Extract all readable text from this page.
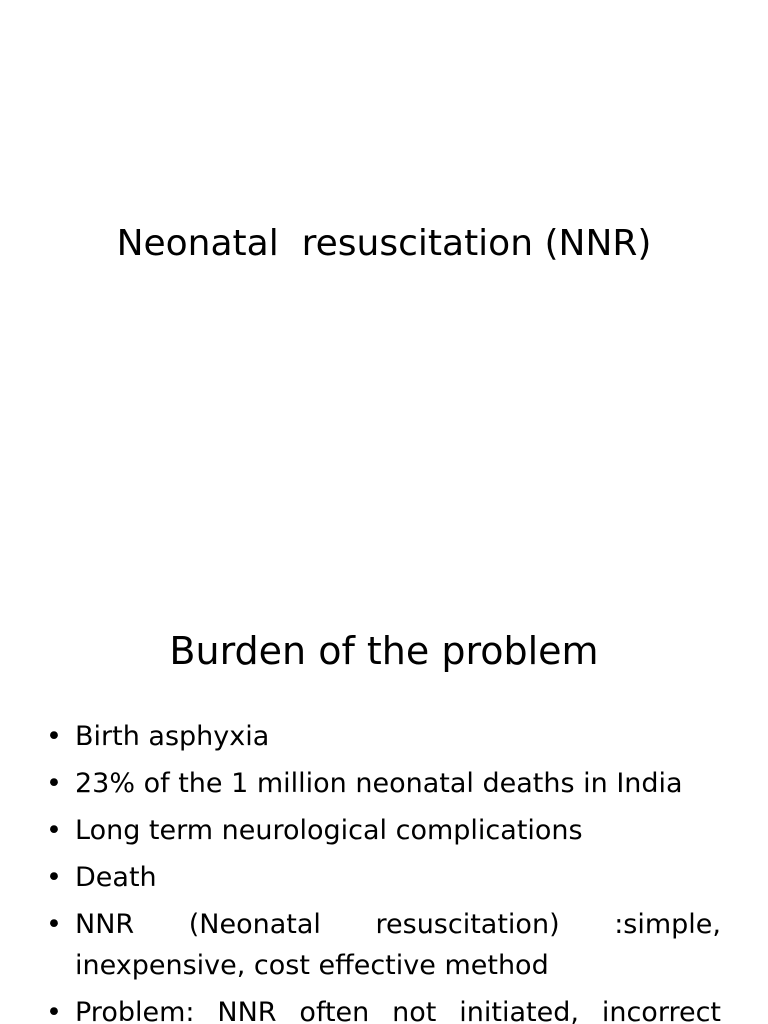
Neonatal  resuscitation (NNR)
Burden of the problem
• Birth asphyxia
• 23% of the 1 million neonatal deaths in India
• Long term neurological complications
• Death
• NNR (Neonatal resuscitation) :simple, inexpensive, cost effective method
• Problem: NNR often not initiated, incorrect
